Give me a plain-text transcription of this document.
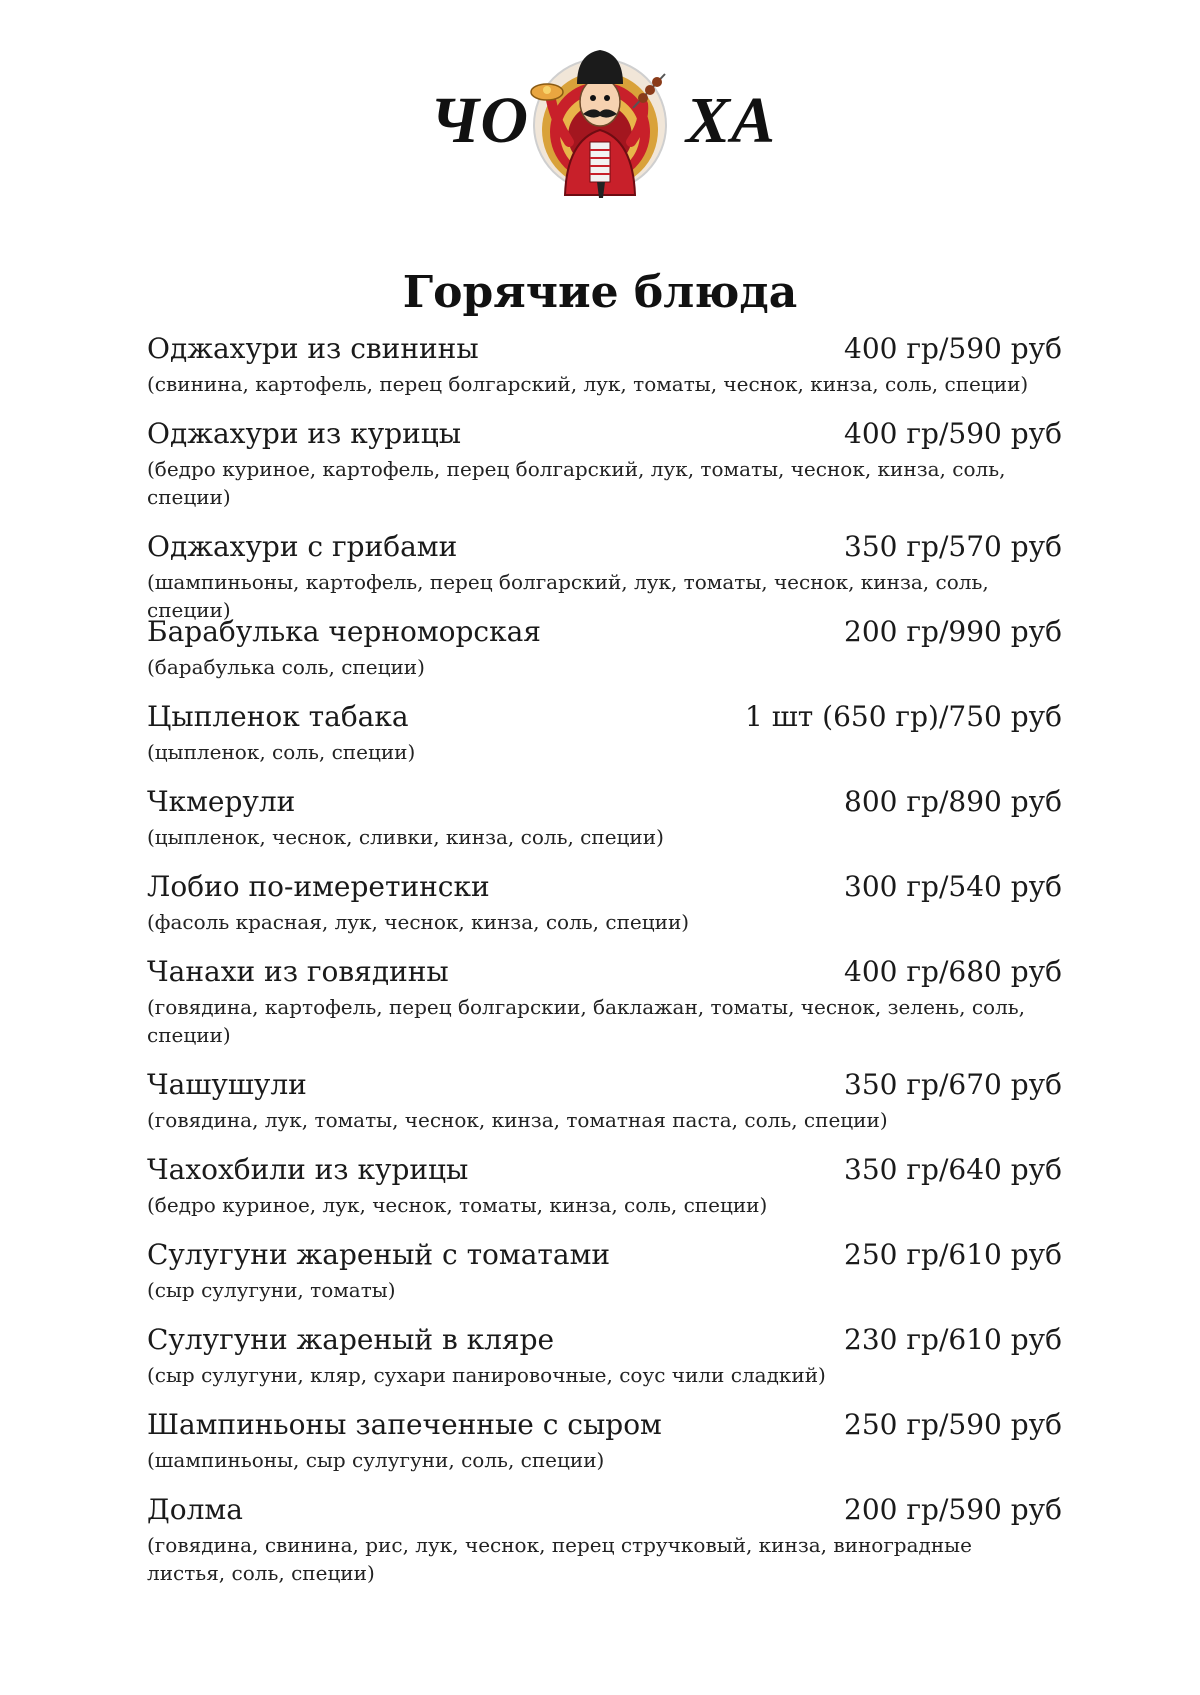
ЧО ХА
Горячие блюда
Оджахури из свинины	400 гр/590 руб
(свинина, картофель, перец болгарский, лук, томаты, чеснок, кинза, соль, специи)
Оджахури из курицы	400 гр/590 руб
(бедро куриное, картофель, перец болгарский, лук, томаты, чеснок, кинза, соль, специи)
Оджахури с грибами	350 гр/570 руб
(шампиньоны, картофель, перец болгарский, лук, томаты, чеснок, кинза, соль, специи)
Барабулька черноморская	200 гр/990 руб
(барабулька соль, специи)
Цыпленок табака	1 шт (650 гр)/750 руб
(цыпленок, соль, специи)
Чкмерули	800 гр/890 руб
(цыпленок, чеснок, сливки, кинза, соль, специи)
Лобио по-имеретински	300 гр/540 руб
(фасоль красная, лук, чеснок, кинза, соль, специи)
Чанахи из говядины	400 гр/680 руб
(говядина, картофель, перец болгарскии, баклажан, томаты, чеснок, зелень, соль, специи)
Чашушули	350 гр/670 руб
(говядина, лук, томаты, чеснок, кинза, томатная паста, соль, специи)
Чахохбили из курицы	350 гр/640 руб
(бедро куриное, лук, чеснок, томаты, кинза, соль, специи)
Сулугуни жареный с томатами	250 гр/610 руб
(сыр сулугуни, томаты)
Сулугуни жареный в кляре	230 гр/610 руб
(сыр сулугуни, кляр, сухари панировочные, соус чили сладкий)
Шампиньоны запеченные с сыром	250 гр/590 руб
(шампиньоны, сыр сулугуни, соль, специи)
Долма	200 гр/590 руб
(говядина, свинина, рис, лук, чеснок, перец стручковый, кинза, виноградные листья, соль, специи)
